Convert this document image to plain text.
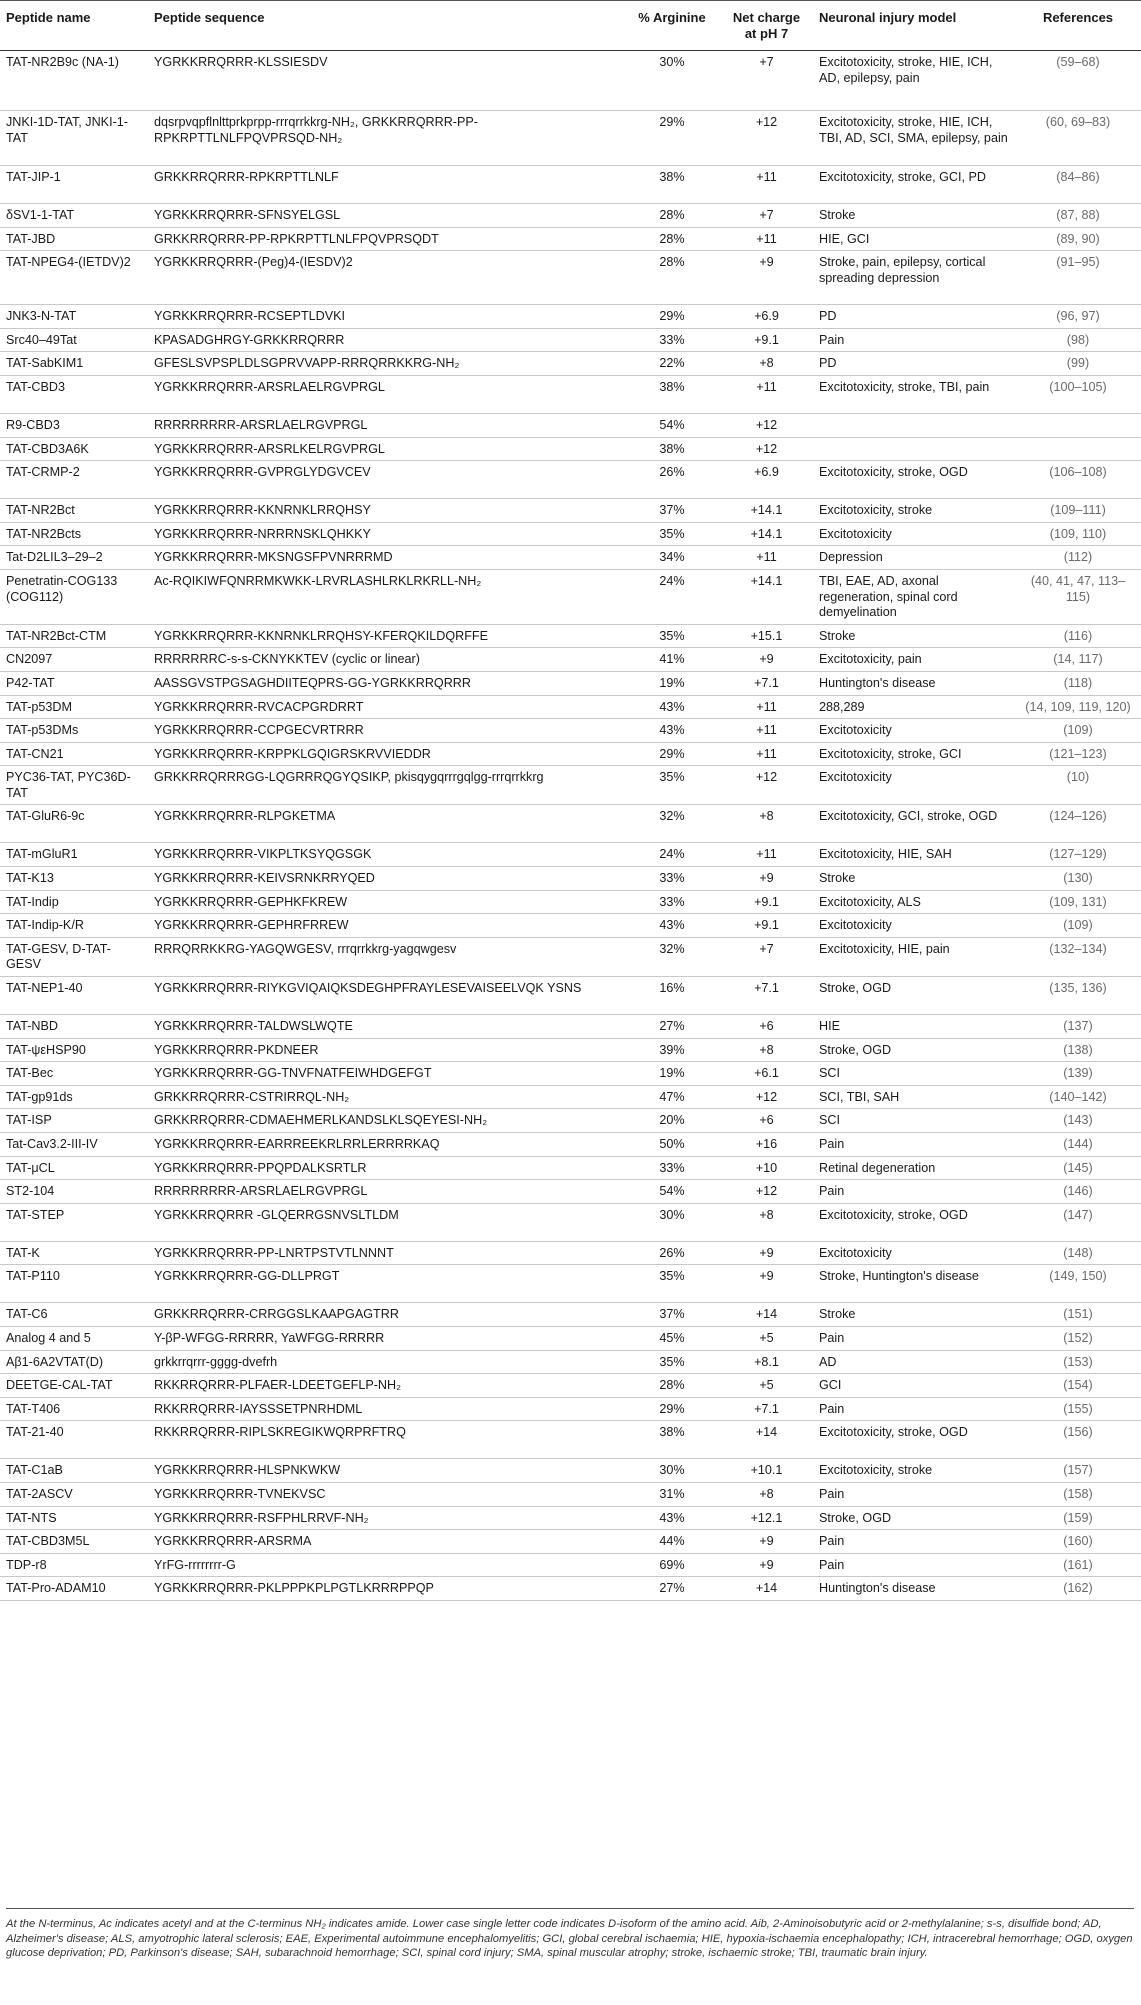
Peptide name	Peptide sequence	% Arginine	Net charge
at pH 7	Neuronal injury model	References
TAT-NR2B9c (NA-1)	YGRKKRRQRRR-KLSSIESDV	30%	+7	Excitotoxicity, stroke, HIE, ICH, AD, epilepsy, pain	(59–68)
JNKI-1D-TAT, JNKI-1-TAT	dqsrpvqpflnlttprkprpp-rrrqrrkkrg-NH₂, GRKKRRQRRR-PP-RPKRPTTLNLFPQVPRSQD-NH₂	29%	+12	Excitotoxicity, stroke, HIE, ICH, TBI, AD, SCI, SMA, epilepsy, pain	(60, 69–83)
TAT-JIP-1	GRKKRRQRRR-RPKRPTTLNLF	38%	+11	Excitotoxicity, stroke, GCI, PD	(84–86)
δSV1-1-TAT	YGRKKRRQRRR-SFNSYELGSL	28%	+7	Stroke	(87, 88)
TAT-JBD	GRKKRRQRRR-PP-RPKRPTTLNLFPQVPRSQDT	28%	+11	HIE, GCI	(89, 90)
TAT-NPEG4-(IETDV)2	YGRKKRRQRRR-(Peg)4-(IESDV)2	28%	+9	Stroke, pain, epilepsy, cortical spreading depression	(91–95)
JNK3-N-TAT	YGRKKRRQRRR-RCSEPTLDVKI	29%	+6.9	PD	(96, 97)
Src40–49Tat	KPASADGHRGY-GRKKRRQRRR	33%	+9.1	Pain	(98)
TAT-SabKIM1	GFESLSVPSPLDLSGPRVVAPP-RRRQRRKKRG-NH₂	22%	+8	PD	(99)
TAT-CBD3	YGRKKRRQRRR-ARSRLAELRGVPRGL	38%	+11	Excitotoxicity, stroke, TBI, pain	(100–105)
R9-CBD3	RRRRRRRRR-ARSRLAELRGVPRGL	54%	+12		
TAT-CBD3A6K	YGRKKRRQRRR-ARSRLKELRGVPRGL	38%	+12		
TAT-CRMP-2	YGRKKRRQRRR-GVPRGLYDGVCEV	26%	+6.9	Excitotoxicity, stroke, OGD	(106–108)
TAT-NR2Bct	YGRKKRRQRRR-KKNRNKLRRQHSY	37%	+14.1	Excitotoxicity, stroke	(109–111)
TAT-NR2Bcts	YGRKKRRQRRR-NRRRNSKLQHKKY	35%	+14.1	Excitotoxicity	(109, 110)
Tat-D2LIL3–29–2	YGRKKRRQRRR-MKSNGSFPVNRRRMD	34%	+11	Depression	(112)
Penetratin-COG133 (COG112)	Ac-RQIKIWFQNRRMKWKK-LRVRLASHLRKLRKRLL-NH₂	24%	+14.1	TBI, EAE, AD, axonal regeneration, spinal cord demyelination	(40, 41, 47, 113–115)
TAT-NR2Bct-CTM	YGRKKRRQRRR-KKNRNKLRRQHSY-KFERQKILDQRFFE	35%	+15.1	Stroke	(116)
CN2097	RRRRRRRC-s-s-CKNYKKTEV (cyclic or linear)	41%	+9	Excitotoxicity, pain	(14, 117)
P42-TAT	AASSGVSTPGSAGHDIITEQPRS-GG-YGRKKRRQRRR	19%	+7.1	Huntington's disease	(118)
TAT-p53DM	YGRKKRRQRRR-RVCACPGRDRRT	43%	+11	288,289	(14, 109, 119, 120)
TAT-p53DMs	YGRKKRRQRRR-CCPGECVRTRRR	43%	+11	Excitotoxicity	(109)
TAT-CN21	YGRKKRRQRRR-KRPPKLGQIGRSKRVVIEDDR	29%	+11	Excitotoxicity, stroke, GCI	(121–123)
PYC36-TAT, PYC36D-TAT	GRKKRRQRRRGG-LQGRRRQGYQSIKP, pkisqygqrrrgqlgg-rrrqrrkkrg	35%	+12	Excitotoxicity	(10)
TAT-GluR6-9c	YGRKKRRQRRR-RLPGKETMA	32%	+8	Excitotoxicity, GCI, stroke, OGD	(124–126)
TAT-mGluR1	YGRKKRRQRRR-VIKPLTKSYQGSGK	24%	+11	Excitotoxicity, HIE, SAH	(127–129)
TAT-K13	YGRKKRRQRRR-KEIVSRNKRRYQED	33%	+9	Stroke	(130)
TAT-Indip	YGRKKRRQRRR-GEPHKFKREW	33%	+9.1	Excitotoxicity, ALS	(109, 131)
TAT-Indip-K/R	YGRKKRRQRRR-GEPHRFRREW	43%	+9.1	Excitotoxicity	(109)
TAT-GESV, D-TAT-GESV	RRRQRRKKRG-YAGQWGESV, rrrqrrkkrg-yagqwgesv	32%	+7	Excitotoxicity, HIE, pain	(132–134)
TAT-NEP1-40	YGRKKRRQRRR-RIYKGVIQAIQKSDEGHPFRAYLESEVAISEELVQK YSNS	16%	+7.1	Stroke, OGD	(135, 136)
TAT-NBD	YGRKKRRQRRR-TALDWSLWQTE	27%	+6	HIE	(137)
TAT-ψεHSP90	YGRKKRRQRRR-PKDNEER	39%	+8	Stroke, OGD	(138)
TAT-Bec	YGRKKRRQRRR-GG-TNVFNATFEIWHDGEFGT	19%	+6.1	SCI	(139)
TAT-gp91ds	GRKKRRQRRR-CSTRIRRQL-NH₂	47%	+12	SCI, TBI, SAH	(140–142)
TAT-ISP	GRKKRRQRRR-CDMAEHMERLKANDSLKLSQEYESI-NH₂	20%	+6	SCI	(143)
Tat-Cav3.2-III-IV	YGRKKRRQRRR-EARRREEKRLRRLERRRRKAQ	50%	+16	Pain	(144)
TAT-μCL	YGRKKRRQRRR-PPQPDALKSRTLR	33%	+10	Retinal degeneration	(145)
ST2-104	RRRRRRRRR-ARSRLAELRGVPRGL	54%	+12	Pain	(146)
TAT-STEP	YGRKKRRQRRR -GLQERRGSNVSLTLDM	30%	+8	Excitotoxicity, stroke, OGD	(147)
TAT-K	YGRKKRRQRRR-PP-LNRTPSTVTLNNNT	26%	+9	Excitotoxicity	(148)
TAT-P110	YGRKKRRQRRR-GG-DLLPRGT	35%	+9	Stroke, Huntington's disease	(149, 150)
TAT-C6	GRKKRRQRRR-CRRGGSLKAAPGAGTRR	37%	+14	Stroke	(151)
Analog 4 and 5	Y-βP-WFGG-RRRRR, YaWFGG-RRRRR	45%	+5	Pain	(152)
Aβ1-6A2VTAT(D)	grkkrrqrrr-gggg-dvefrh	35%	+8.1	AD	(153)
DEETGE-CAL-TAT	RKKRRQRRR-PLFAER-LDEETGEFLP-NH₂	28%	+5	GCI	(154)
TAT-T406	RKKRRQRRR-IAYSSSETPNRHDML	29%	+7.1	Pain	(155)
TAT-21-40	RKKRRQRRR-RIPLSKREGIKWQRPRFTRQ	38%	+14	Excitotoxicity, stroke, OGD	(156)
TAT-C1aB	YGRKKRRQRRR-HLSPNKWKW	30%	+10.1	Excitotoxicity, stroke	(157)
TAT-2ASCV	YGRKKRRQRRR-TVNEKVSC	31%	+8	Pain	(158)
TAT-NTS	YGRKKRRQRRR-RSFPHLRRVF-NH₂	43%	+12.1	Stroke, OGD	(159)
TAT-CBD3M5L	YGRKKRRQRRR-ARSRMA	44%	+9	Pain	(160)
TDP-r8	YrFG-rrrrrrrr-G	69%	+9	Pain	(161)
TAT-Pro-ADAM10	YGRKKRRQRRR-PKLPPPKPLPGTLKRRRPPQP	27%	+14	Huntington's disease	(162)
At the N-terminus, Ac indicates acetyl and at the C-terminus NH₂ indicates amide. Lower case single letter code indicates D-isoform of the amino acid. Aib, 2-Aminoisobutyric acid or 2-methylalanine; s-s, disulfide bond; AD, Alzheimer's disease; ALS, amyotrophic lateral sclerosis; EAE, Experimental autoimmune encephalomyelitis; GCI, global cerebral ischaemia; HIE, hypoxia-ischaemia encephalopathy; ICH, intracerebral hemorrhage; OGD, oxygen glucose deprivation; PD, Parkinson's disease; SAH, subarachnoid hemorrhage; SCI, spinal cord injury; SMA, spinal muscular atrophy; stroke, ischaemic stroke; TBI, traumatic brain injury.
